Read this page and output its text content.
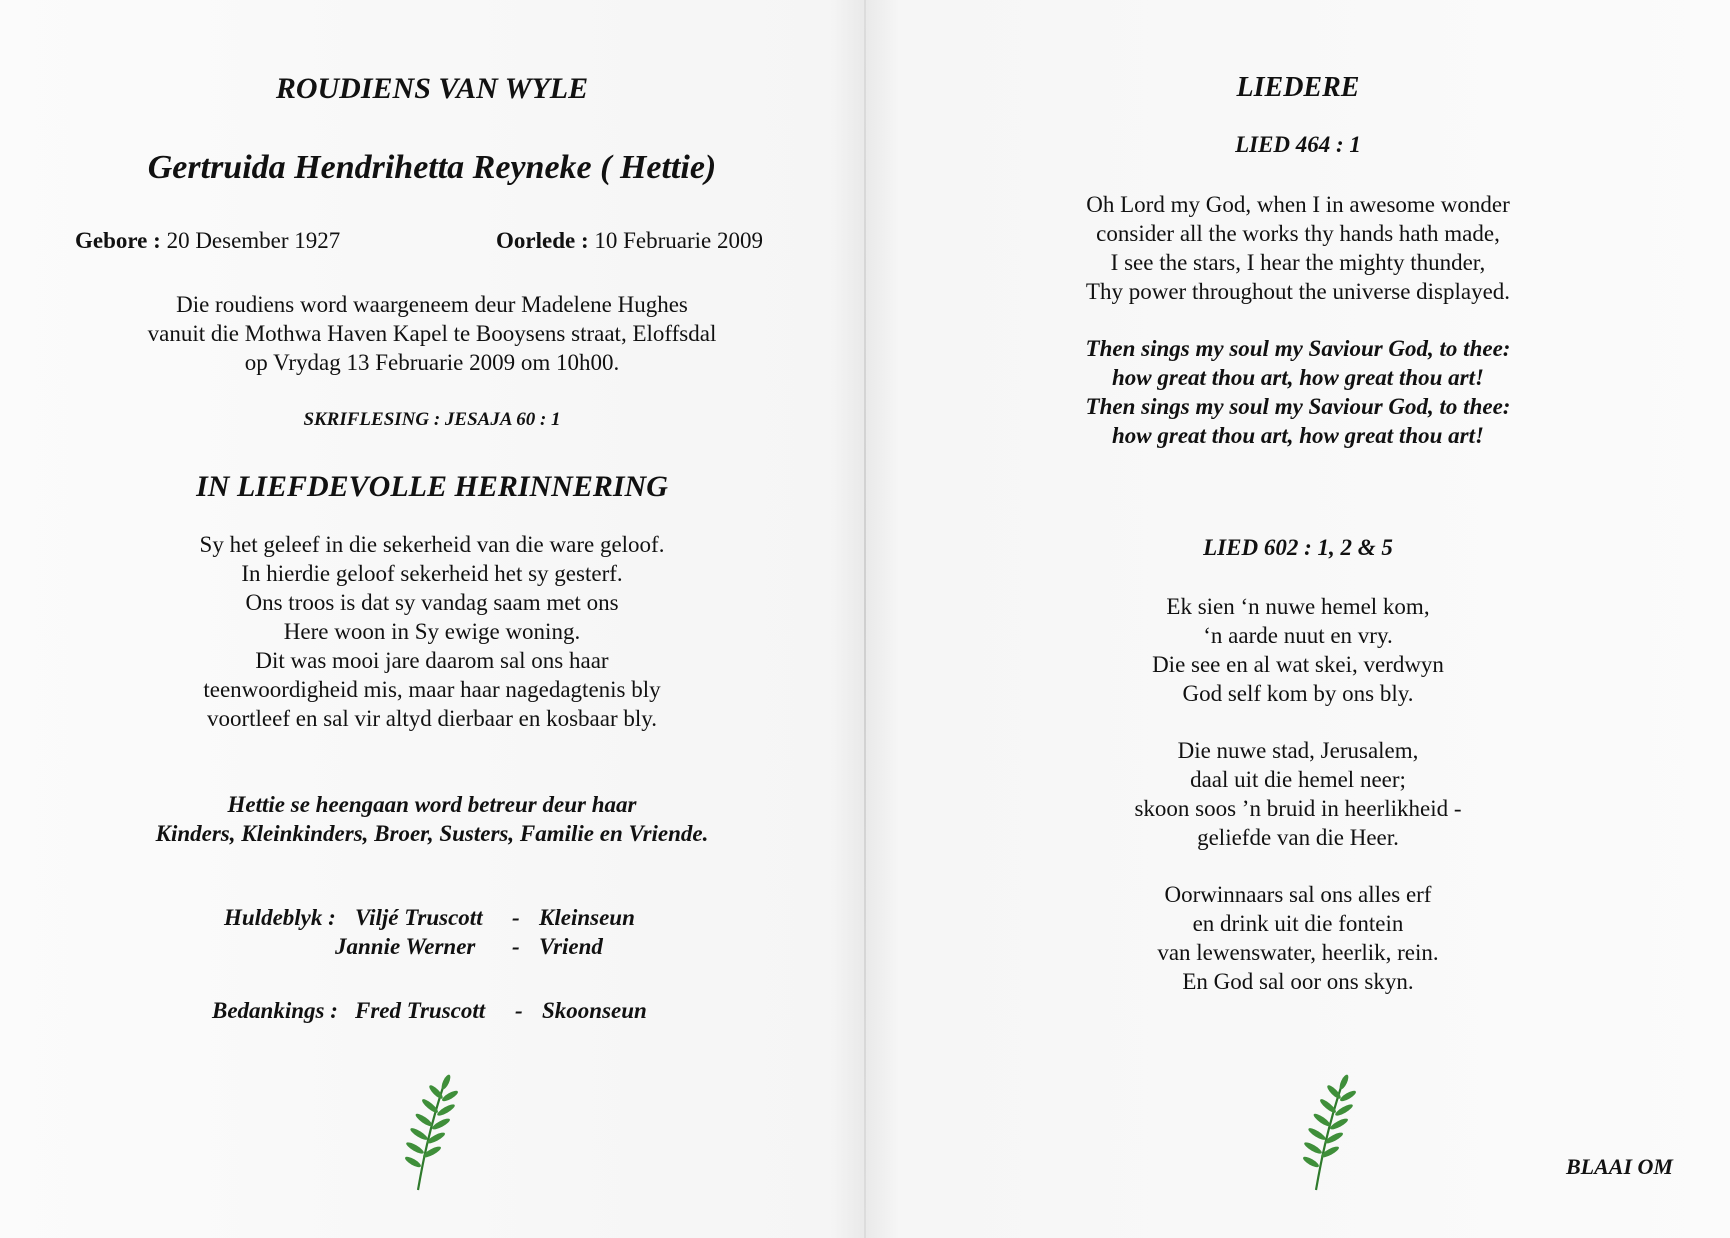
ROUDIENS VAN WYLE
Gertruida Hendrihetta Reyneke ( Hettie)
Gebore : 20 Desember 1927	Oorlede : 10 Februarie 2009
Die roudiens word waargeneem deur Madelene Hughes
vanuit die Mothwa Haven Kapel te Booysens straat, Eloffsdal
op Vrydag 13 Februarie 2009 om 10h00.
SKRIFLESING : JESAJA 60 : 1
IN LIEFDEVOLLE HERINNERING
Sy het geleef in die sekerheid van die ware geloof.
In hierdie geloof sekerheid het sy gesterf.
Ons troos is dat sy vandag saam met ons
Here woon in Sy ewige woning.
Dit was mooi jare daarom sal ons haar
teenwoordigheid mis, maar haar nagedagtenis bly
voortleef en sal vir altyd dierbaar en kosbaar bly.
Hettie se heengaan word betreur deur haar
Kinders, Kleinkinders, Broer, Susters, Familie en Vriende.
Huldeblyk : Viljé Truscott - Kleinseun
Jannie Werner - Vriend
Bedankings : Fred Truscott - Skoonseun
LIEDERE
LIED 464 : 1
Oh Lord my God, when I in awesome wonder
consider all the works thy hands hath made,
I see the stars, I hear the mighty thunder,
Thy power throughout the universe displayed.
Then sings my soul my Saviour God, to thee:
how great thou art, how great thou art!
Then sings my soul my Saviour God, to thee:
how great thou art, how great thou art!
LIED 602 : 1, 2 & 5
Ek sien ‘n nuwe hemel kom,
‘n aarde nuut en vry.
Die see en al wat skei, verdwyn
God self kom by ons bly.
Die nuwe stad, Jerusalem,
daal uit die hemel neer;
skoon soos ’n bruid in heerlikheid -
geliefde van die Heer.
Oorwinnaars sal ons alles erf
en drink uit die fontein
van lewenswater, heerlik, rein.
En God sal oor ons skyn.
BLAAI OM
